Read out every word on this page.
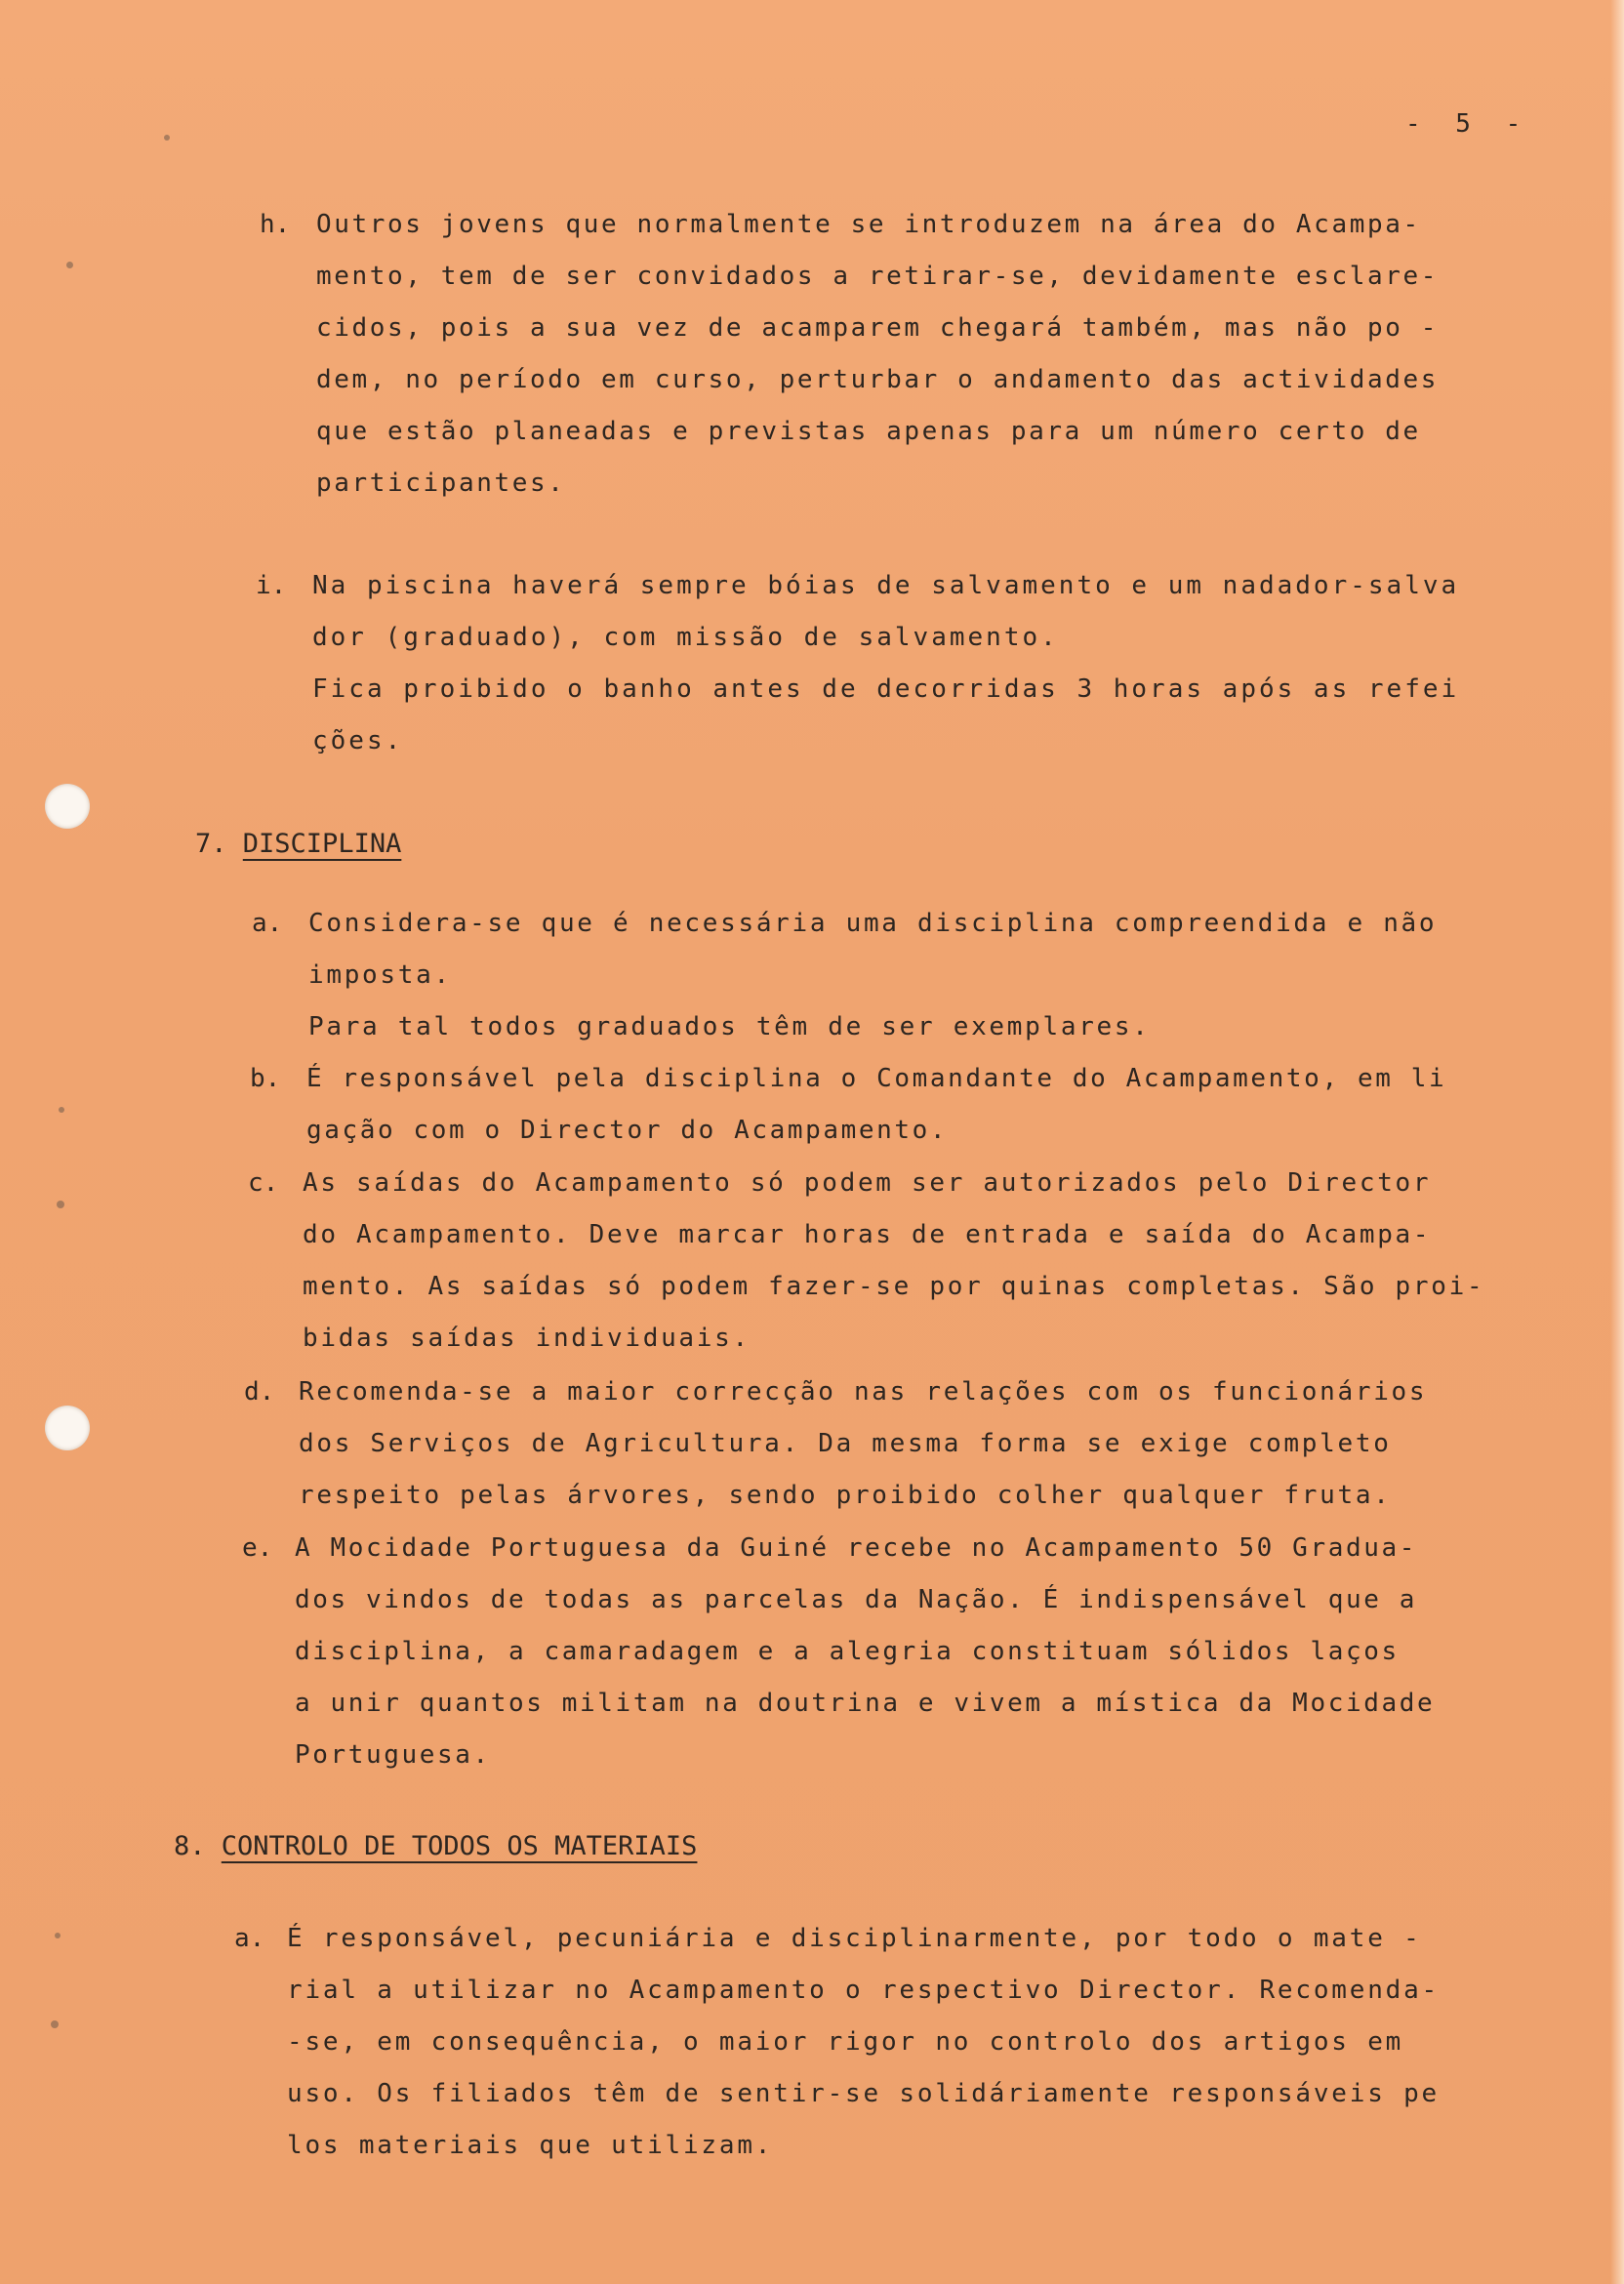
- 5 -
h. Outros jovens que normalmente se introduzem na área do Acampa-
mento, tem de ser convidados a retirar-se, devidamente esclare-
cidos, pois a sua vez de acamparem chegará também, mas não po -
dem, no período em curso, perturbar o andamento das actividades
que estão planeadas e previstas apenas para um número certo de
participantes.
i. Na piscina haverá sempre bóias de salvamento e um nadador-salva
dor (graduado), com missão de salvamento.
Fica proibido o banho antes de decorridas 3 horas após as refei
ções.
7. DISCIPLINA
a. Considera-se que é necessária uma disciplina compreendida e não
imposta.
Para tal todos graduados têm de ser exemplares.
b. É responsável pela disciplina o Comandante do Acampamento, em li
gação com o Director do Acampamento.
c. As saídas do Acampamento só podem ser autorizados pelo Director
do Acampamento. Deve marcar horas de entrada e saída do Acampa-
mento. As saídas só podem fazer-se por quinas completas. São proi-
bidas saídas individuais.
d. Recomenda-se a maior correcção nas relações com os funcionários
dos Serviços de Agricultura. Da mesma forma se exige completo
respeito pelas árvores, sendo proibido colher qualquer fruta.
e. A Mocidade Portuguesa da Guiné recebe no Acampamento 50 Gradua-
dos vindos de todas as parcelas da Nação. É indispensável que a
disciplina, a camaradagem e a alegria constituam sólidos laços
a unir quantos militam na doutrina e vivem a mística da Mocidade
Portuguesa.
8. CONTROLO DE TODOS OS MATERIAIS
a. É responsável, pecuniária e disciplinarmente, por todo o mate -
rial a utilizar no Acampamento o respectivo Director. Recomenda-
-se, em consequência, o maior rigor no controlo dos artigos em
uso. Os filiados têm de sentir-se solidáriamente responsáveis pe
los materiais que utilizam.
